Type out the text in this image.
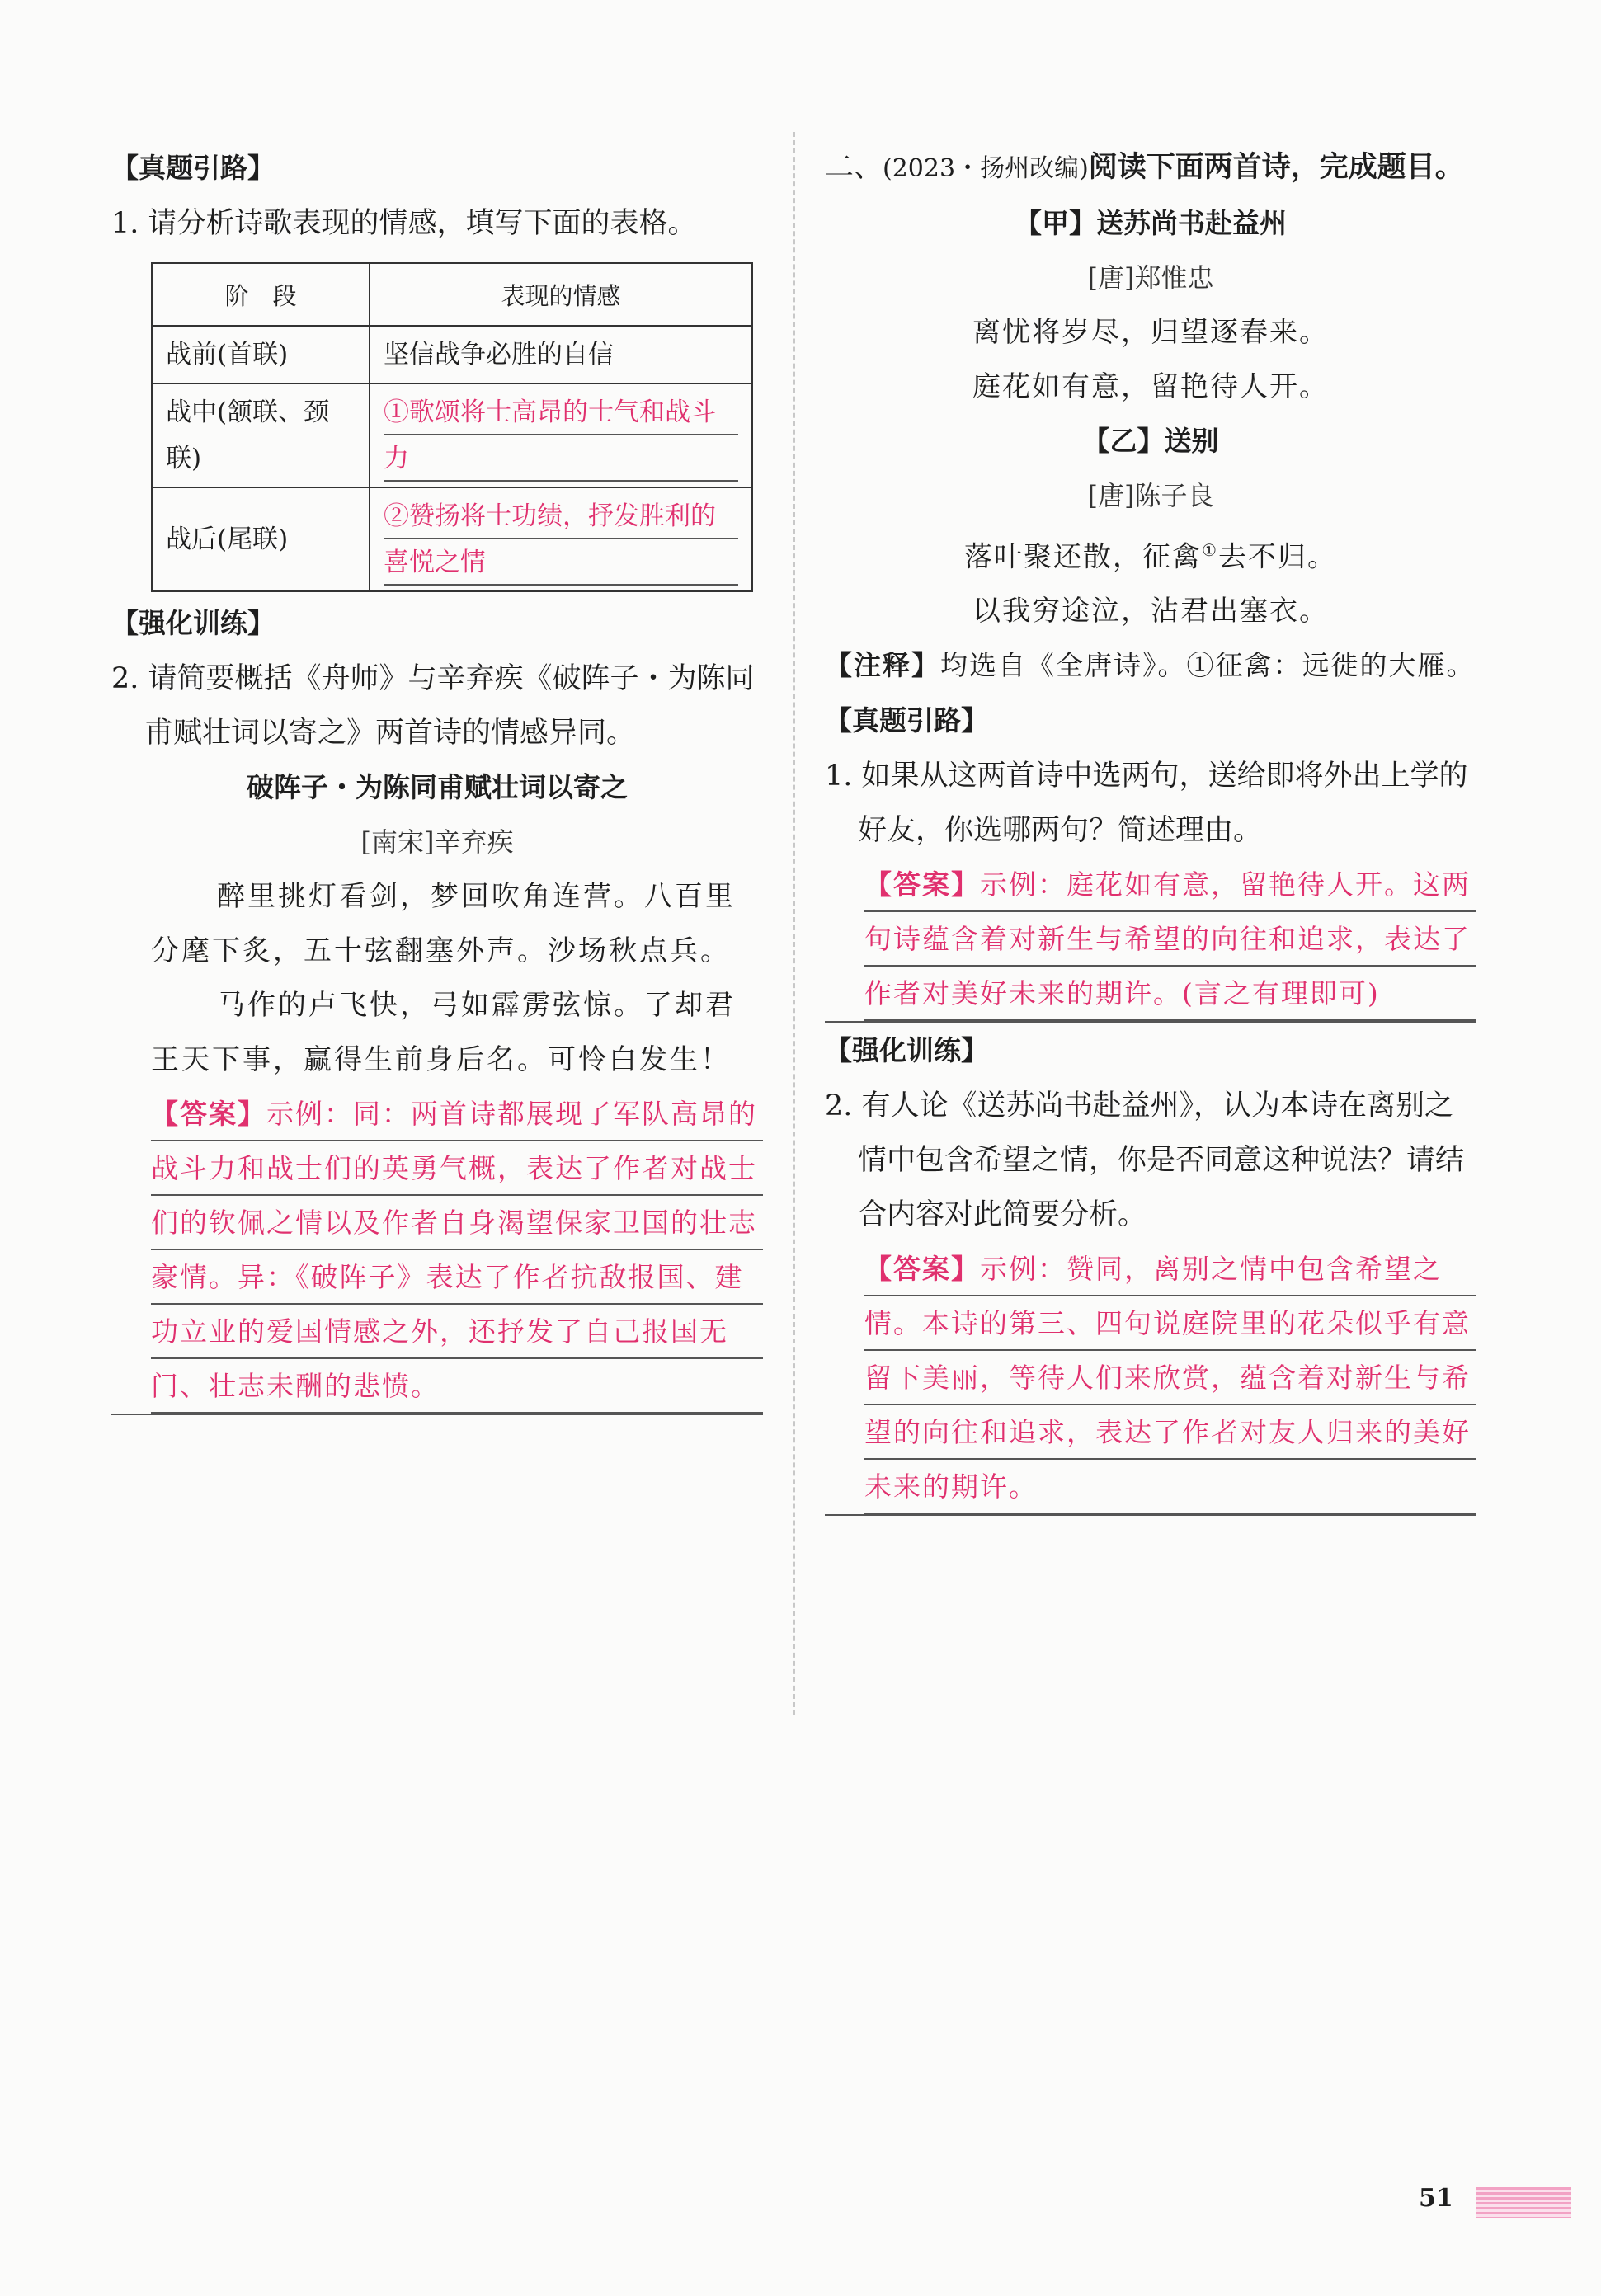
【真题引路】

1. 请分析诗歌表现的情感，填写下面的表格。

阶　段	表现的情感
战前(首联)	坚信战争必胜的自信
战中(颔联、颈联)	①歌颂将士高昂的士气和战斗力

战后(尾联)	②赞扬将士功绩，抒发胜利的喜悦之情
【强化训练】

2. 请简要概括《舟师》与辛弃疾《破阵子・为陈同甫赋壮词以寄之》两首诗的情感异同。

破阵子・为陈同甫赋壮词以寄之

[南宋]辛弃疾

醉里挑灯看剑，梦回吹角连营。八百里分麾下炙，五十弦翻塞外声。沙场秋点兵。

马作的卢飞快，弓如霹雳弦惊。了却君王天下事，赢得生前身后名。可怜白发生！

【答案】示例：同：两首诗都展现了军队高昂的战斗力和战士们的英勇气概，表达了作者对战士们的钦佩之情以及作者自身渴望保家卫国的壮志豪情。异：《破阵子》表达了作者抗敌报国、建功立业的爱国情感之外，还抒发了自己报国无门、壮志未酬的悲愤。

二、(2023・扬州改编)阅读下面两首诗，完成题目。

【甲】送苏尚书赴益州

[唐]郑惟忠

离忧将岁尽，归望逐春来。

庭花如有意，留艳待人开。

【乙】送别

[唐]陈子良

落叶聚还散，征禽①去不归。

以我穷途泣，沾君出塞衣。

【注释】均选自《全唐诗》。①征禽：远徙的大雁。

【真题引路】

1. 如果从这两首诗中选两句，送给即将外出上学的好友，你选哪两句？简述理由。

【答案】示例：庭花如有意，留艳待人开。这两句诗蕴含着对新生与希望的向往和追求，表达了作者对美好未来的期许。(言之有理即可)

【强化训练】

2. 有人论《送苏尚书赴益州》，认为本诗在离别之情中包含希望之情，你是否同意这种说法？请结合内容对此简要分析。

【答案】示例：赞同，离别之情中包含希望之情。本诗的第三、四句说庭院里的花朵似乎有意留下美丽，等待人们来欣赏，蕴含着对新生与希望的向往和追求，表达了作者对友人归来的美好未来的期许。

51
